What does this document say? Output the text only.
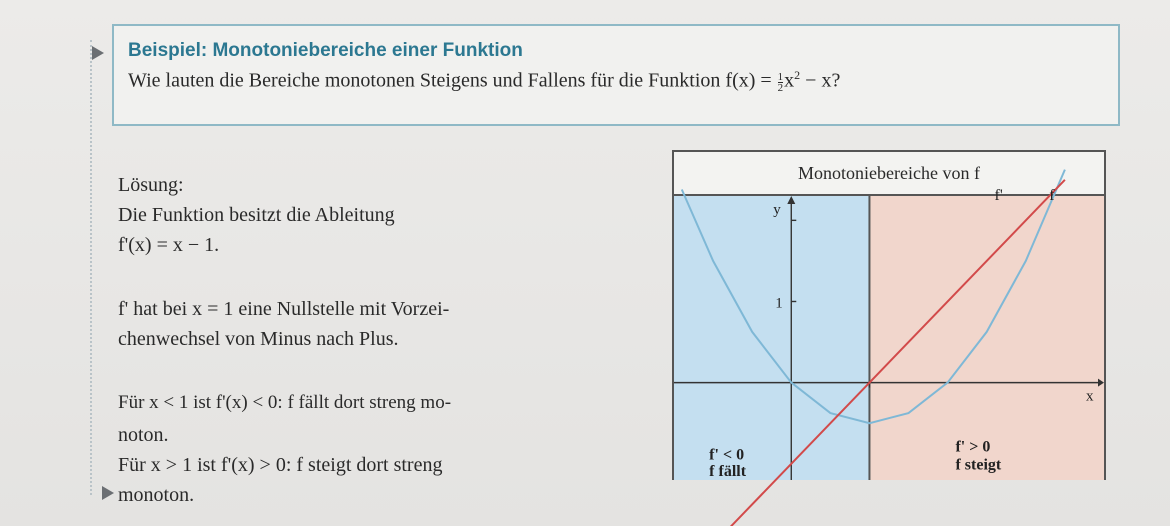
Beispiel: Monotoniebereiche einer Funktion
Wie lauten die Bereiche monotonen Steigens und Fallens für die Funktion $f(x) = \frac{1}{2} x^2 - x$?
Lösung:
Die Funktion besitzt die Ableitung
f'(x) = x − 1.
f' hat bei x = 1 eine Nullstelle mit Vorzei-
chenwechsel von Minus nach Plus.
Für x < 1 ist f'(x) < 0: f fällt dort streng mo-
noton.
Für x > 1 ist f'(x) > 0: f steigt dort streng
monoton.
Monotoniebereiche von f
1
y
x
f'	f
f' < 0
f fällt
f' > 0
f steigt
